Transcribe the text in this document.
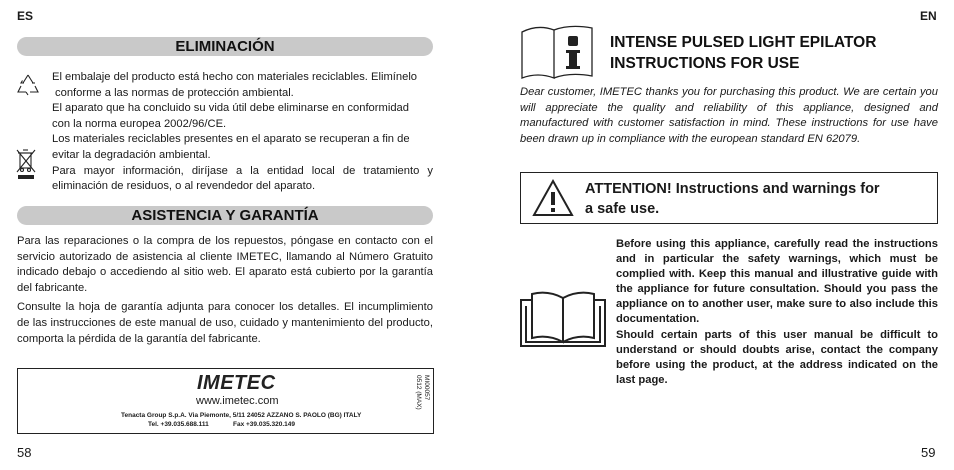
ES
ELIMINACIÓN

El embalaje del producto está hecho con materiales reciclables. Elimínelo

conforme a las normas de protección ambiental.

El aparato que ha concluido su vida útil debe eliminarse en conformidad

con la norma europea 2002/96/CE.

Los materiales reciclables presentes en el aparato se recuperan a fin de

evitar la degradación ambiental.

Para mayor información, diríjase a la entidad local de tratamiento y

eliminación de residuos, o al revendedor del aparato.

ASISTENCIA Y GARANTÍA

Para las reparaciones o la compra de los repuestos, póngase en contacto con el servicio autorizado de asistencia al cliente IMETEC, llamando al Número Gratuito indicado debajo o accediendo al sitio web. El aparato está cubierto por la garantía del fabricante.

Consulte la hoja de garantía adjunta para conocer los detalles. El incumplimiento de las instrucciones de este manual de uso, cuidado y mantenimiento del producto, comporta la pérdida de la garantía del fabricante.

IMETEC
www.imetec.com
Tenacta Group S.p.A. Via Piemonte, 5/11 24052 AZZANO S. PAOLO (BG) ITALY
Tel. +39.035.688.111	Fax +39.035.320.149
MI00057
0512 (MAX)
58
EN
INTENSE PULSED LIGHT EPILATOR
INSTRUCTIONS FOR USE
Dear customer, IMETEC thanks you for purchasing this product. We are certain you will appreciate the quality and reliability of this appliance, designed and manufactured with customer satisfaction in mind. These instructions for use have been drawn up in compliance with the european standard EN 62079.
ATTENTION! Instructions and warnings for
a safe use.

Before using this appliance, carefully read the instructions and in particular the safety warnings, which must be complied with. Keep this manual and illustrative guide with the appliance for future consultation. Should you pass the appliance on to another user, make sure to also include this documentation.

Should certain parts of this user manual be difficult to understand or should doubts arise, contact the company before using the product, at the address indicated on the last page.

59
